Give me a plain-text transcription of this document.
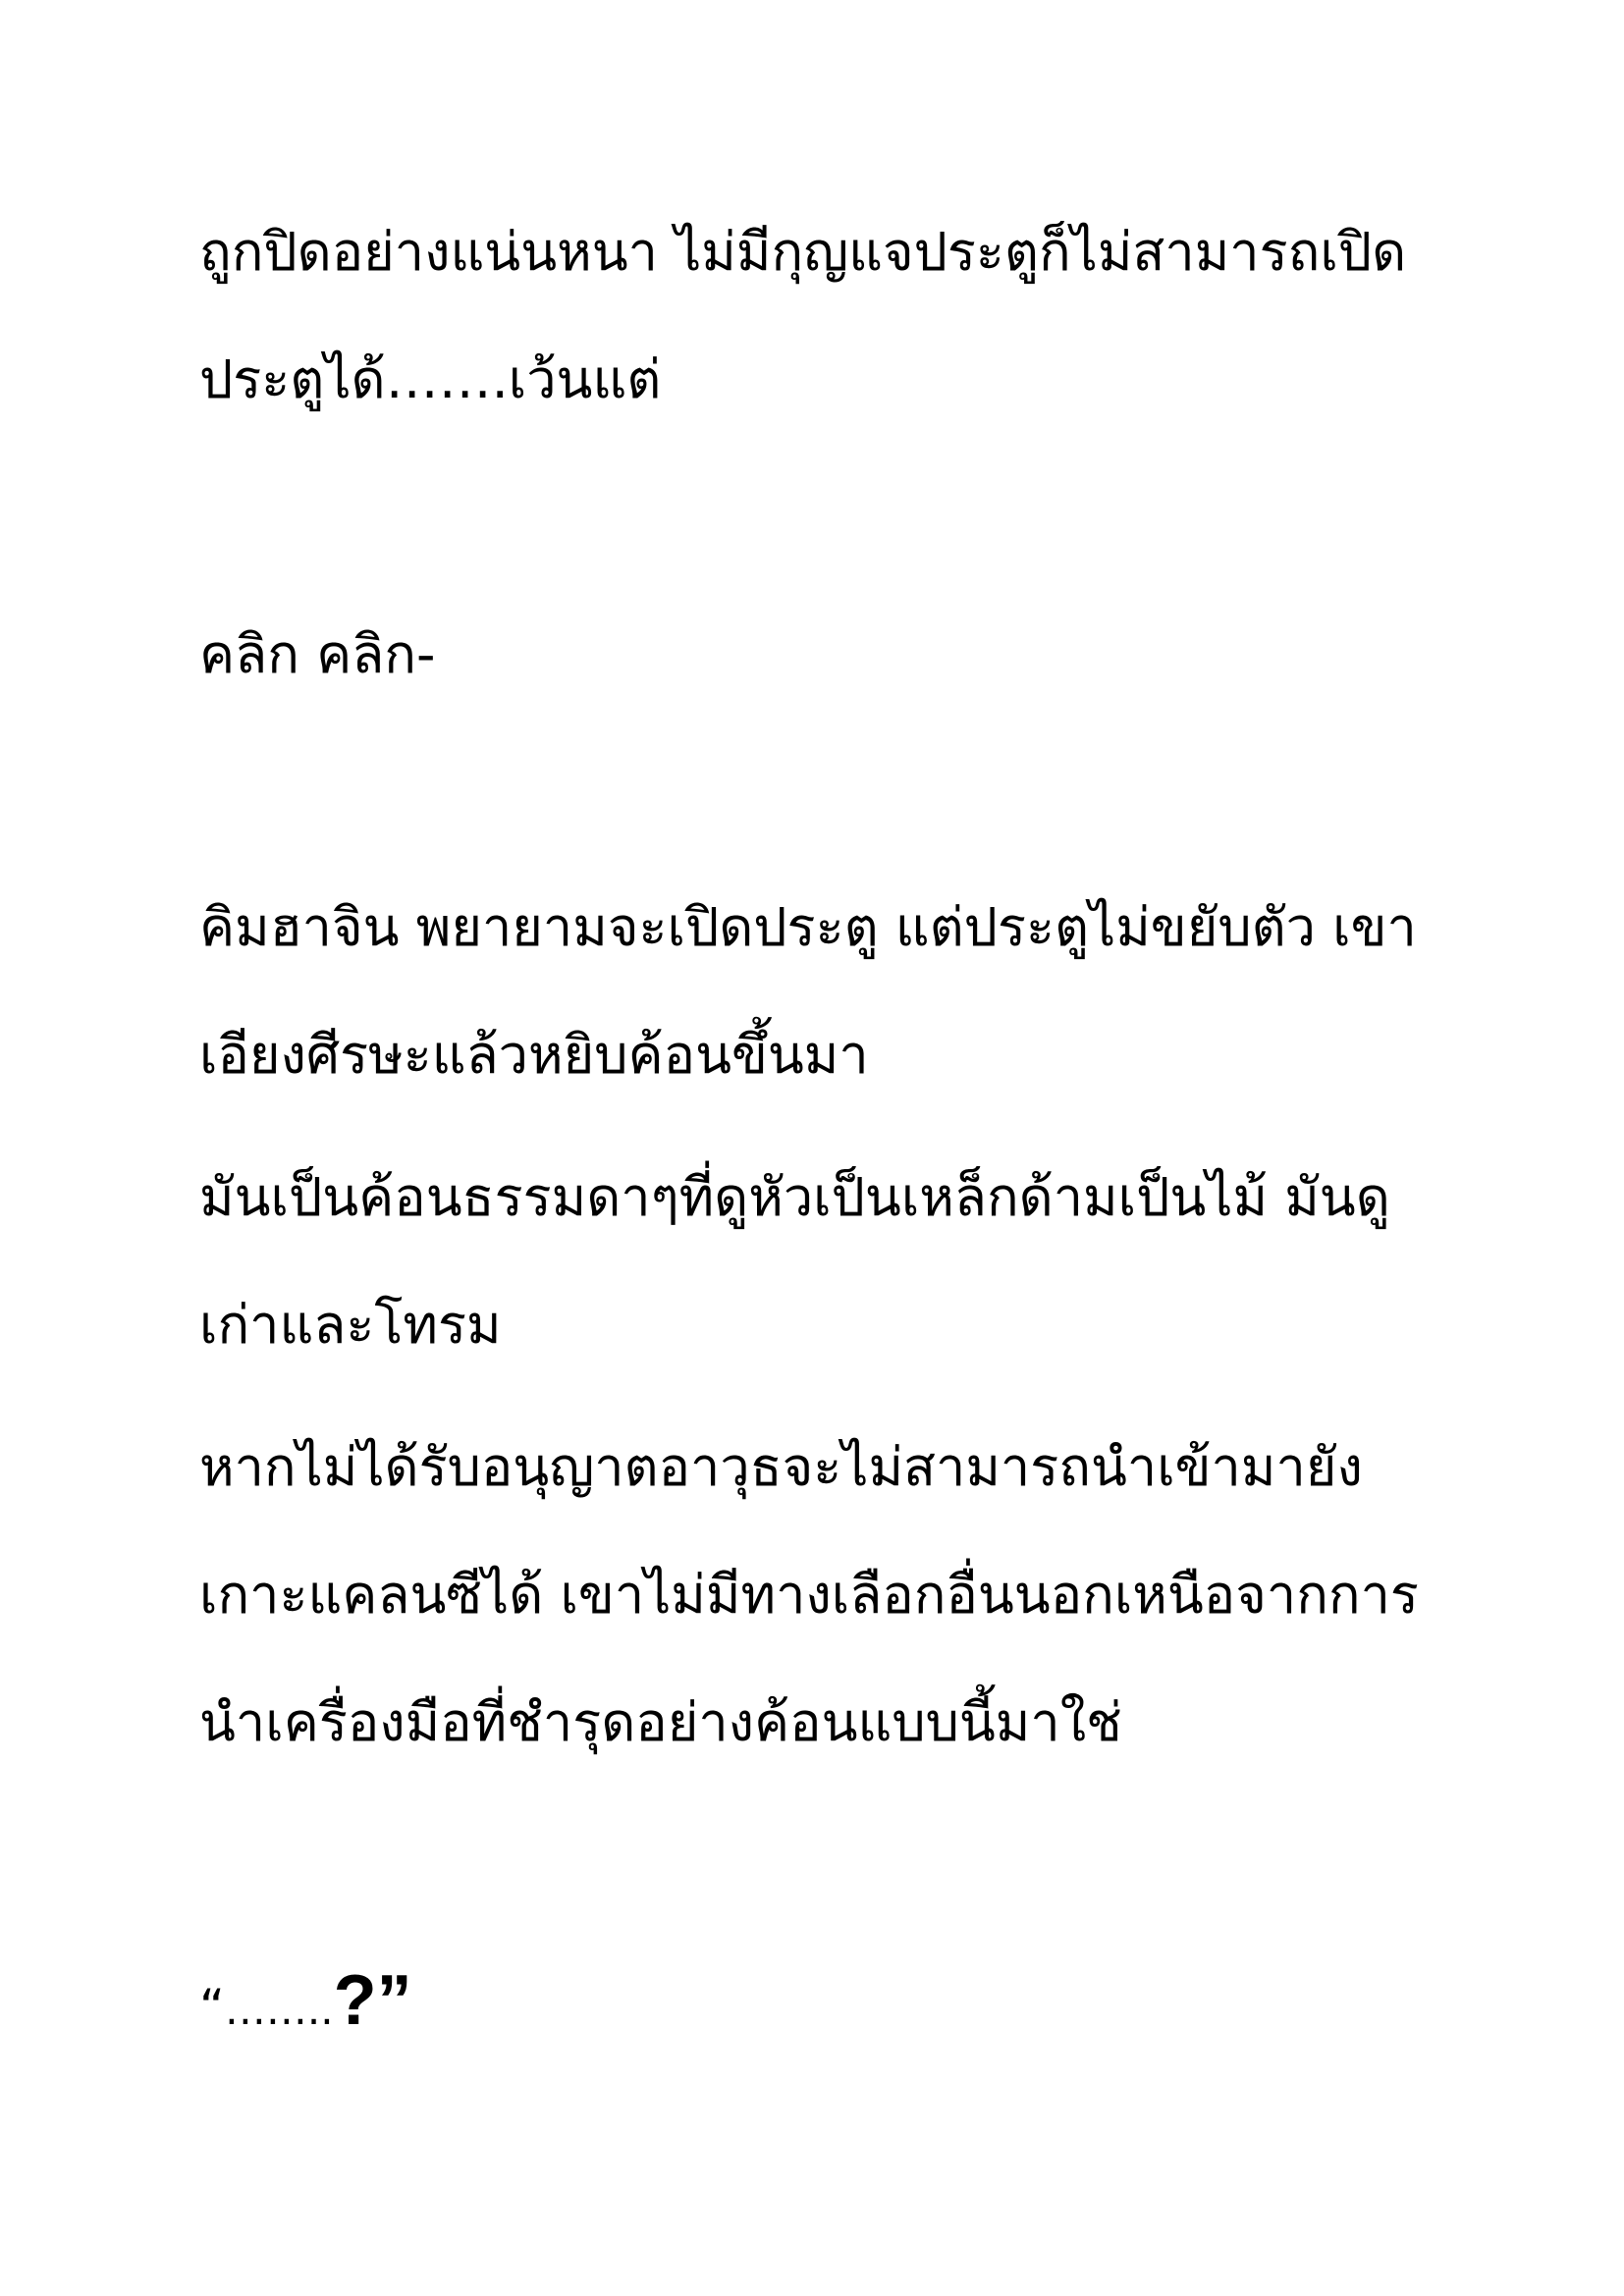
ถูกปิดอย่างแน่นหนา ไม่มีกุญแจประตูก็ไม่สามารถเปิด

ประตูได้…….เว้นแต่

คลิก คลิก-

คิมฮาจิน พยายามจะเปิดประตู แต่ประตูไม่ขยับตัว เขา

เอียงศีรษะแล้วหยิบค้อนขึ้นมา

มันเป็นค้อนธรรมดาๆที่ดูหัวเป็นเหล็กด้ามเป็นไม้ มันดู

เก่าและโทรม

หากไม่ได้รับอนุญาตอาวุธจะไม่สามารถนำเข้ามายัง

เกาะแคลนซีได้ เขาไม่มีทางเลือกอื่นนอกเหนือจากการ

นำเครื่องมือที่ชำรุดอย่างค้อนแบบนี้มาใช่

“……..?”
